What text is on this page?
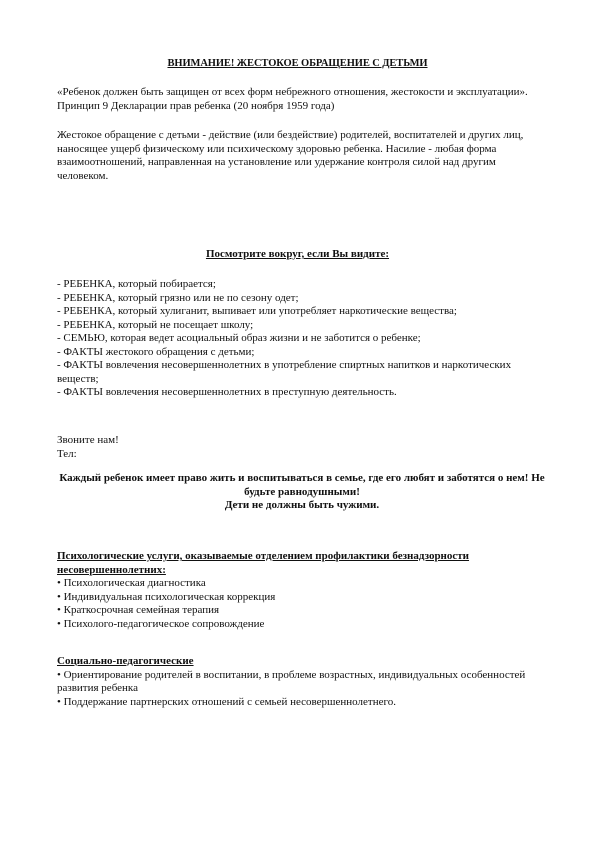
ВНИМАНИЕ! ЖЕСТОКОЕ ОБРАЩЕНИЕ С ДЕТЬМИ
«Ребенок должен быть защищен от всех форм небрежного отношения, жестокости и эксплуатации». Принцип 9 Декларации прав ребенка (20 ноября 1959 года)
Жестокое обращение с детьми - действие (или бездействие) родителей, воспитателей и других лиц, наносящее ущерб физическому или психическому здоровью ребенка. Насилие - любая форма взаимоотношений, направленная на установление или удержание контроля силой над другим человеком.
Посмотрите вокруг, если Вы видите:
- РЕБЕНКА, который побирается;
- РЕБЕНКА, который грязно или не по сезону одет;
- РЕБЕНКА, который хулиганит, выпивает или употребляет наркотические вещества;
- РЕБЕНКА, который не посещает школу;
- СЕМЬЮ, которая ведет асоциальный образ жизни и не заботится о ребенке;
- ФАКТЫ жестокого обращения с детьми;
- ФАКТЫ вовлечения несовершеннолетних в употребление спиртных напитков и наркотических веществ;
- ФАКТЫ вовлечения несовершеннолетних в преступную деятельность.
Звоните нам!
Тел:
Каждый ребенок имеет право жить и воспитываться в семье, где его любят и заботятся о нем! Не будьте равнодушными!
Дети не должны быть чужими.
Психологические услуги, оказываемые отделением профилактики безнадзорности несовершеннолетних:
• Психологическая диагностика
• Индивидуальная психологическая коррекция
• Краткосрочная семейная терапия
• Психолого-педагогическое сопровождение
Социально-педагогические
• Ориентирование родителей в воспитании, в проблеме возрастных, индивидуальных особенностей развития ребенка
• Поддержание партнерских отношений с семьей несовершеннолетнего.
